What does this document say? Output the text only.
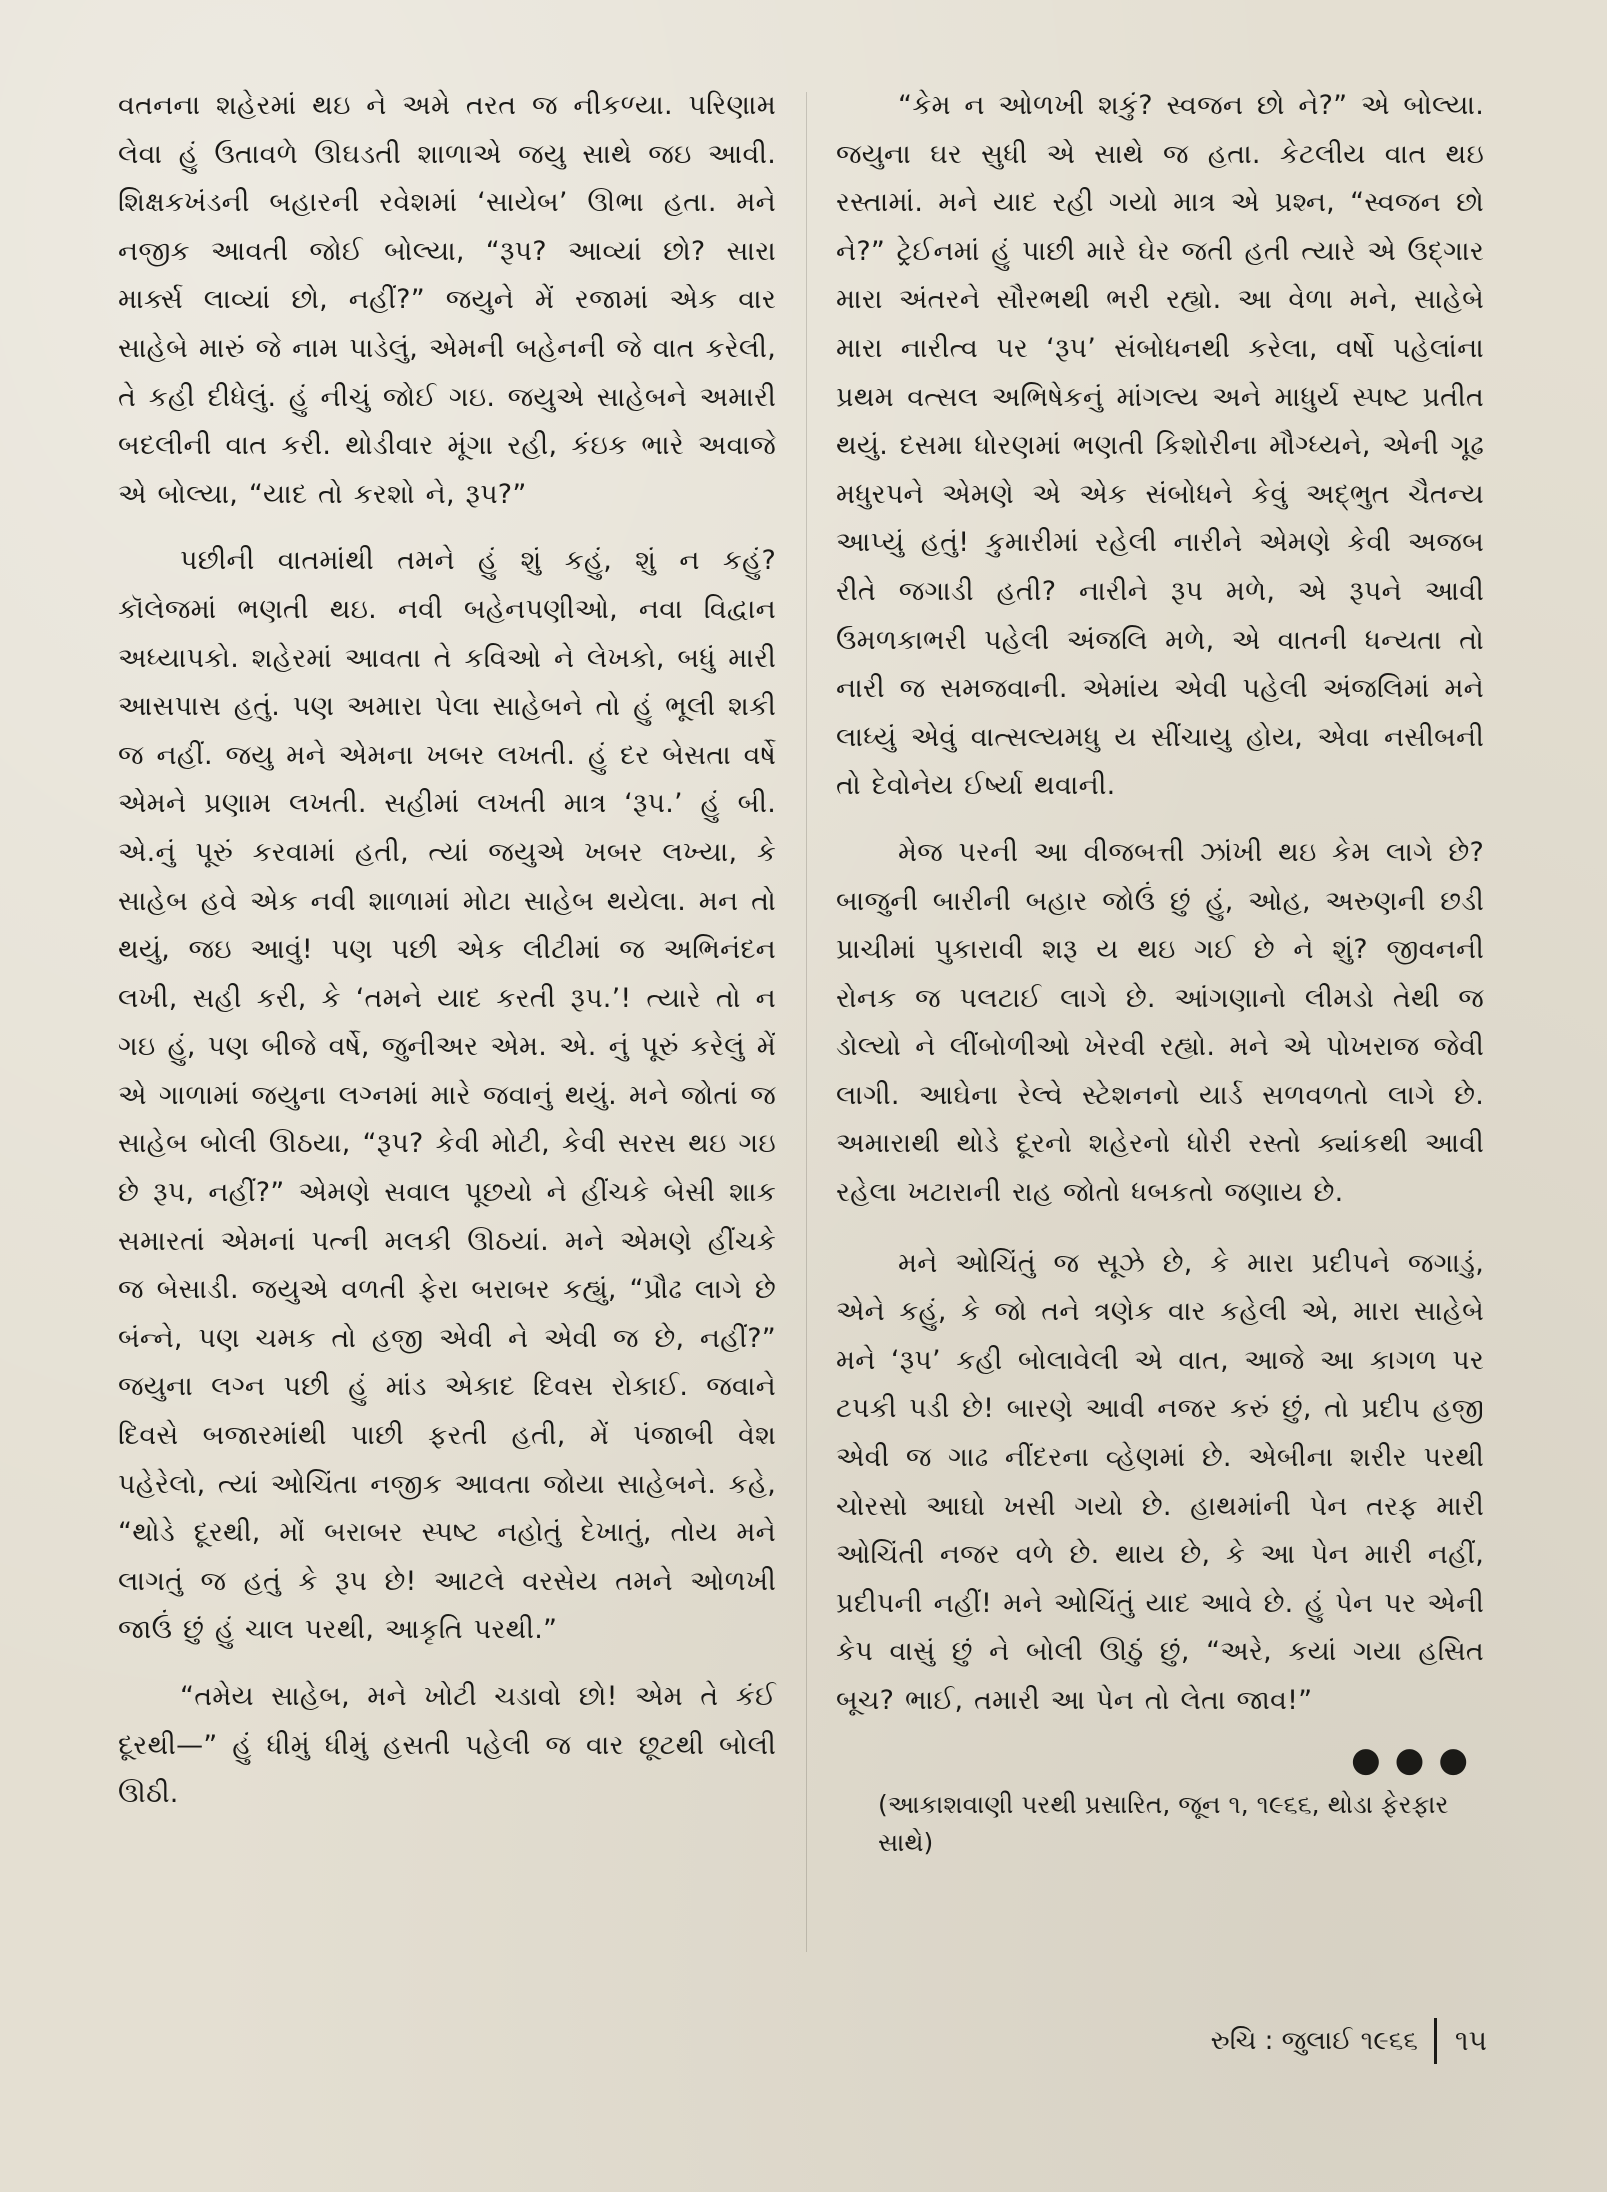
વતનના શહેરમાં થઇ ને અમે તરત જ નીકળ્યા. પરિણામ લેવા હું ઉતાવળે ઊઘડતી શાળાએ જયુ સાથે જઇ આવી. શિક્ષકખંડની બહારની રવેશમાં ‘સાયેબ’ ઊભા હતા. મને નજીક આવતી જોઈ બોલ્યા, “રૂપ? આવ્યાં છો? સારા માર્ક્સ લાવ્યાં છો, નહીં?” જયુને મેં રજામાં એક વાર સાહેબે મારું જે નામ પાડેલું, એમની બહેનની જે વાત કરેલી, તે કહી દીધેલું. હું નીચું જોઈ ગઇ. જયુએ સાહેબને અમારી બદલીની વાત કરી. થોડીવાર મૂંગા રહી, કંઇક ભારે અવાજે એ બોલ્યા, “યાદ તો કરશો ને, રૂપ?”

પછીની વાતમાંથી તમને હું શું કહું, શું ન કહું? કૉલેજમાં ભણતી થઇ. નવી બહેનપણીઓ, નવા વિદ્વાન અધ્યાપકો. શહેરમાં આવતા તે કવિઓ ને લેખકો, બધું મારી આસપાસ હતું. પણ અમારા પેલા સાહેબને તો હું ભૂલી શકી જ નહીં. જયુ મને એમના ખબર લખતી. હું દર બેસતા વર્ષે એમને પ્રણામ લખતી. સહીમાં લખતી માત્ર ‘રૂપ.’ હું બી. એ.નું પૂરું કરવામાં હતી, ત્યાં જયુએ ખબર લખ્યા, કે સાહેબ હવે એક નવી શાળામાં મોટા સાહેબ થયેલા. મન તો થયું, જઇ આવું! પણ પછી એક લીટીમાં જ અભિનંદન લખી, સહી કરી, કે ‘તમને યાદ કરતી રૂપ.’! ત્યારે તો ન ગઇ હું, પણ બીજે વર્ષે, જુનીઅર એમ. એ. નું પૂરું કરેલું મેં એ ગાળામાં જયુના લગ્નમાં મારે જવાનું થયું. મને જોતાં જ સાહેબ બોલી ઊઠયા, “રૂપ? કેવી મોટી, કેવી સરસ થઇ ગઇ છે રૂપ, નહીં?” એમણે સવાલ પૂછયો ને હીંચકે બેસી શાક સમારતાં એમનાં પત્ની મલકી ઊઠયાં. મને એમણે હીંચકે જ બેસાડી. જયુએ વળતી ફેરા બરાબર કહ્યું, “પ્રૌઢ લાગે છે બંન્ને, પણ ચમક તો હજી એવી ને એવી જ છે, નહીં?” જયુના લગ્ન પછી હું માંડ એકાદ દિવસ રોકાઈ. જવાને દિવસે બજારમાંથી પાછી ફરતી હતી, મેં પંજાબી વેશ પહેરેલો, ત્યાં ઓચિંતા નજીક આવતા જોયા સાહેબને. કહે, “થોડે દૂરથી, મોં બરાબર સ્પષ્ટ નહોતું દેખાતું, તોય મને લાગતું જ હતું કે રૂપ છે! આટલે વરસેય તમને ઓળખી જાઉં છું હું ચાલ પરથી, આકૃતિ પરથી.”

“તમેય સાહેબ, મને ખોટી ચડાવો છો! એમ તે કંઈ દૂરથી—” હું ધીમું ધીમું હસતી પહેલી જ વાર છૂટથી બોલી ઊઠી.

“કેમ ન ઓળખી શકું? સ્વજન છો ને?” એ બોલ્યા. જયુના ઘર સુધી એ સાથે જ હતા. કેટલીય વાત થઇ રસ્તામાં. મને યાદ રહી ગયો માત્ર એ પ્રશ્ન, “સ્વજન છો ને?” ટ્રેઈનમાં હું પાછી મારે ઘેર જતી હતી ત્યારે એ ઉદ્ગાર મારા અંતરને સૌરભથી ભરી રહ્યો. આ વેળા મને, સાહેબે મારા નારીત્વ પર ‘રૂપ’ સંબોધનથી કરેલા, વર્ષો પહેલાંના પ્રથમ વત્સલ અભિષેકનું માંગલ્ય અને માધુર્ય સ્પષ્ટ પ્રતીત થયું. દસમા ધોરણમાં ભણતી કિશોરીના મૌગ્ધ્યને, એની ગૂઢ મધુરપને એમણે એ એક સંબોધને કેવું અદ્ભુત ચૈતન્ય આપ્યું હતું! કુમારીમાં રહેલી નારીને એમણે કેવી અજબ રીતે જગાડી હતી? નારીને રૂપ મળે, એ રૂપને આવી ઉમળકાભરી પહેલી અંજલિ મળે, એ વાતની ધન્યતા તો નારી જ સમજવાની. એમાંય એવી પહેલી અંજલિમાં મને લાધ્યું એવું વાત્સલ્યમધુ ય સીંચાયુ હોય, એવા નસીબની તો દેવોનેય ઈર્ષ્યા થવાની.

મેજ પરની આ વીજબત્તી ઝાંખી થઇ કેમ લાગે છે? બાજુની બારીની બહાર જોઉં છું હું, ઓહ, અરુણની છડી પ્રાચીમાં પુકારાવી શરૂ ય થઇ ગઈ છે ને શું? જીવનની રોનક જ પલટાઈ લાગે છે. આંગણાનો લીમડો તેથી જ ડોલ્યો ને લીંબોળીઓ ખેરવી રહ્યો. મને એ પોખરાજ જેવી લાગી. આઘેના રેલ્વે સ્ટેશનનો યાર્ડ સળવળતો લાગે છે. અમારાથી થોડે દૂરનો શહેરનો ધોરી રસ્તો ક્યાંકથી આવી રહેલા ખટારાની રાહ જોતો ધબકતો જણાય છે.

મને ઓચિંતું જ સૂઝે છે, કે મારા પ્રદીપને જગાડું, એને કહું, કે જો તને ત્રણેક વાર કહેલી એ, મારા સાહેબે મને ‘રૂપ’ કહી બોલાવેલી એ વાત, આજે આ કાગળ પર ટપકી પડી છે! બારણે આવી નજર કરું છું, તો પ્રદીપ હજી એવી જ ગાઢ નીંદરના વ્હેણમાં છે. એબીના શરીર પરથી ચોરસો આઘો ખસી ગયો છે. હાથમાંની પેન તરફ મારી ઓચિંતી નજર વળે છે. થાય છે, કે આ પેન મારી નહીં, પ્રદીપની નહીં! મને ઓચિંતું યાદ આવે છે. હું પેન પર એની કેપ વાસું છું ને બોલી ઊઠું છું, “અરે, કયાં ગયા હસિત બૂચ? ભાઈ, તમારી આ પેન તો લેતા જાવ!”

●●●
(આકાશવાણી પરથી પ્રસારિત, જૂન ૧, ૧૯૬૬, થોડા ફેરફાર સાથે)
રુચિ : જુલાઈ ૧૯૬૬ ૧૫
